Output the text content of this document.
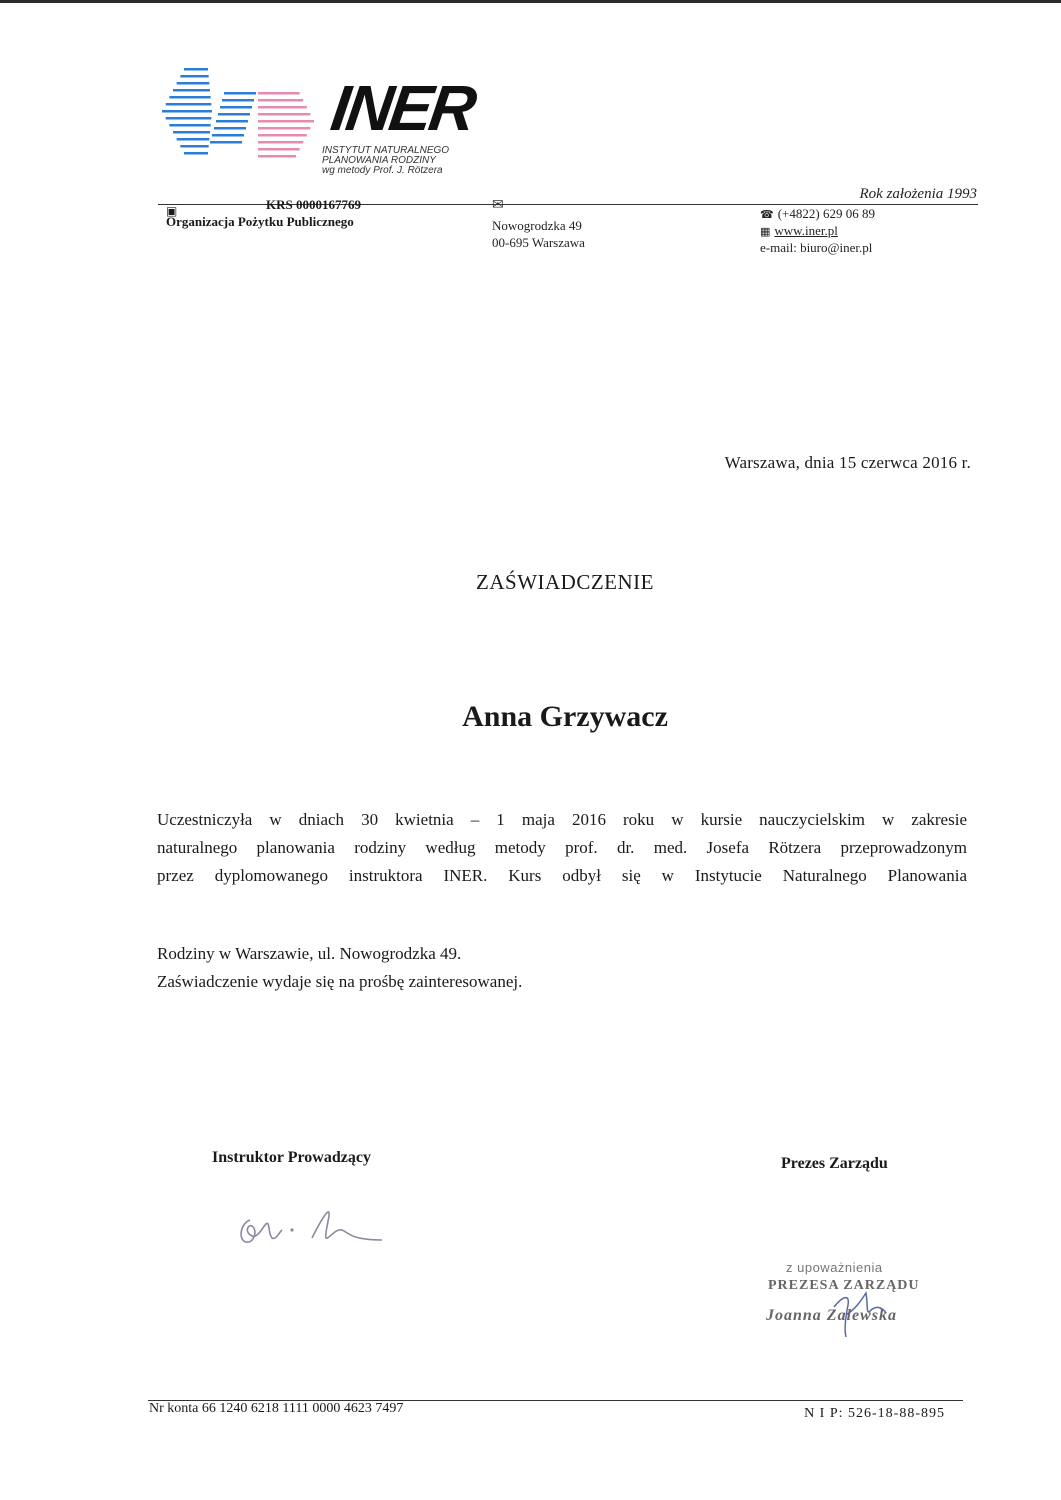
INER
INSTYTUT NATURALNEGO
PLANOWANIA RODZINY
wg metody Prof. J. Rötzera
Rok założenia 1993
▣	KRS 0000167769
Organizacja Pożytku Publicznego
✉
Nowogrodzka 49
00-695 Warszawa
☎ (+4822) 629 06 89
▦ www.iner.pl
e-mail: biuro@iner.pl
Warszawa, dnia 15 czerwca 2016 r.
ZAŚWIADCZENIE
Anna Grzywacz
Uczestniczyła w dniach 30 kwietnia – 1 maja 2016 roku w kursie nauczycielskim w zakresie
naturalnego planowania rodziny według metody prof. dr. med. Josefa Rötzera przeprowadzonym
przez dyplomowanego instruktora INER. Kurs odbył się w Instytucie Naturalnego Planowania
Rodziny w Warszawie, ul. Nowogrodzka 49.
Zaświadczenie wydaje się na prośbę zainteresowanej.
Instruktor Prowadzący	Prezes Zarządu
z upoważnienia
PREZESA ZARZĄDU
Joanna Zalewska
Nr konta 66 1240 6218 1111 0000 4623 7497	N I P: 526-18-88-895
